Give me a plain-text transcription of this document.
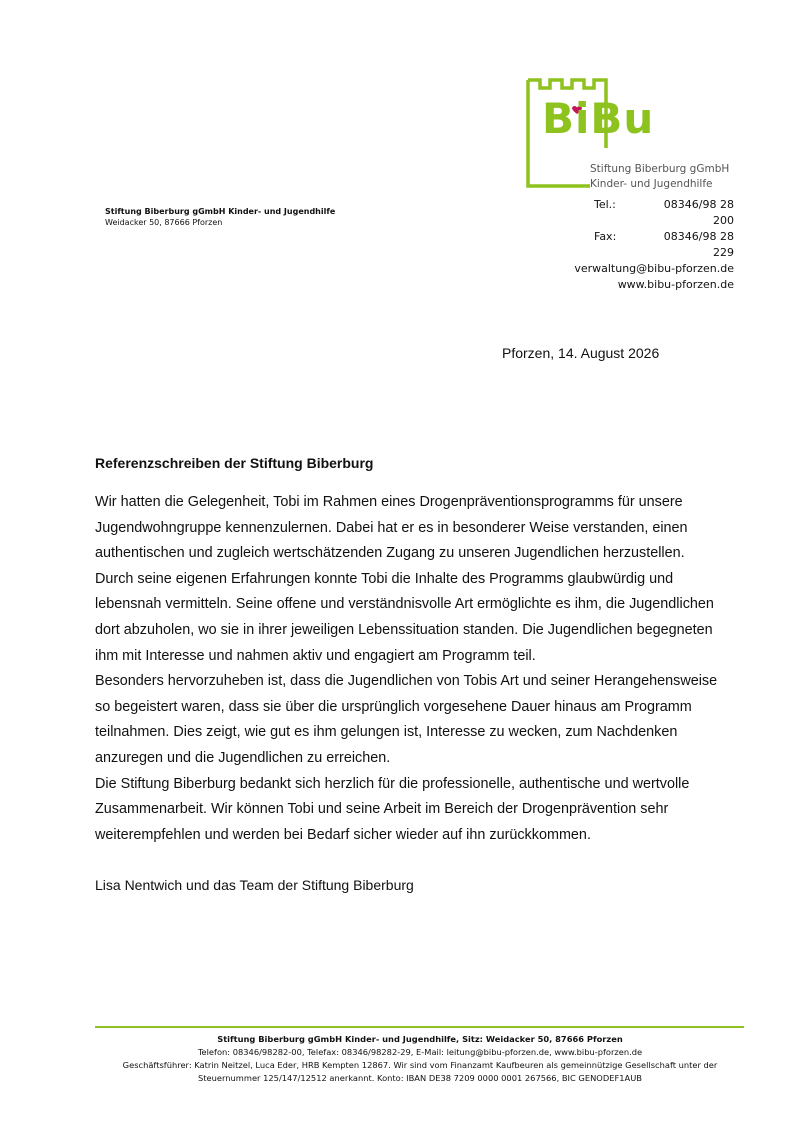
BiBu
Stiftung Biberburg gGmbH
Kinder- und Jugendhilfe
Stiftung Biberburg gGmbH Kinder- und Jugendhilfe
Weidacker 50, 87666 Pforzen
Tel.:	08346/98 28 200
Fax:	08346/98 28 229
verwaltung@bibu-pforzen.de
www.bibu-pforzen.de
Pforzen, 14. August 2026
Referenzschreiben der Stiftung Biberburg
Wir hatten die Gelegenheit, Tobi im Rahmen eines Drogenpräventionsprogramms für unsere
Jugendwohngruppe kennenzulernen. Dabei hat er es in besonderer Weise verstanden, einen
authentischen und zugleich wertschätzenden Zugang zu unseren Jugendlichen herzustellen.
Durch seine eigenen Erfahrungen konnte Tobi die Inhalte des Programms glaubwürdig und
lebensnah vermitteln. Seine offene und verständnisvolle Art ermöglichte es ihm, die Jugendlichen
dort abzuholen, wo sie in ihrer jeweiligen Lebenssituation standen. Die Jugendlichen begegneten
ihm mit Interesse und nahmen aktiv und engagiert am Programm teil.
Besonders hervorzuheben ist, dass die Jugendlichen von Tobis Art und seiner Herangehensweise
so begeistert waren, dass sie über die ursprünglich vorgesehene Dauer hinaus am Programm
teilnahmen. Dies zeigt, wie gut es ihm gelungen ist, Interesse zu wecken, zum Nachdenken
anzuregen und die Jugendlichen zu erreichen.
Die Stiftung Biberburg bedankt sich herzlich für die professionelle, authentische und wertvolle
Zusammenarbeit. Wir können Tobi und seine Arbeit im Bereich der Drogenprävention sehr
weiterempfehlen und werden bei Bedarf sicher wieder auf ihn zurückkommen.
Lisa Nentwich und das Team der Stiftung Biberburg
Stiftung Biberburg gGmbH Kinder- und Jugendhilfe, Sitz: Weidacker 50, 87666 Pforzen
Telefon: 08346/98282-00, Telefax: 08346/98282-29, E-Mail: leitung@bibu-pforzen.de, www.bibu-pforzen.de
Geschäftsführer: Katrin Neitzel, Luca Eder, HRB Kempten 12867. Wir sind vom Finanzamt Kaufbeuren als gemeinnützige Gesellschaft unter der
Steuernummer 125/147/12512 anerkannt. Konto: IBAN DE38 7209 0000 0001 267566, BIC GENODEF1AUB
